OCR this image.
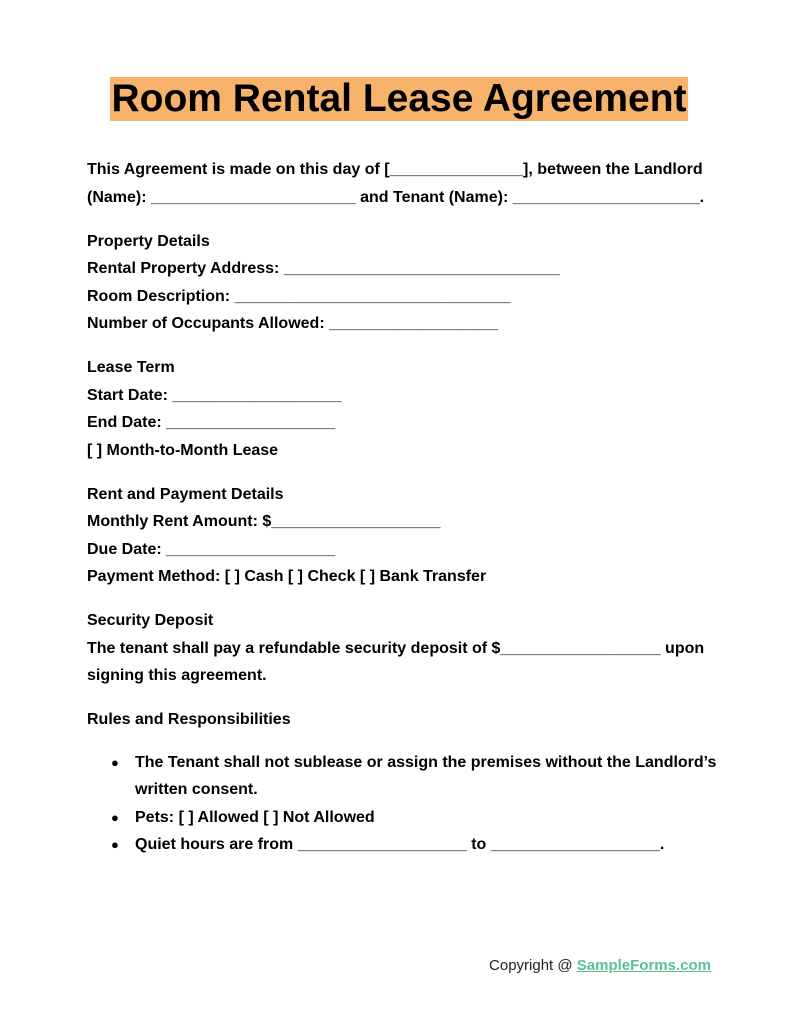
Room Rental Lease Agreement

This Agreement is made on this day of [_______________], between the Landlord (Name): _______________________ and Tenant (Name): _____________________.

Property Details

Rental Property Address: _______________________________

Room Description: _______________________________

Number of Occupants Allowed: ___________________

Lease Term

Start Date: ___________________

End Date: ___________________

[ ] Month-to-Month Lease

Rent and Payment Details

Monthly Rent Amount: $___________________

Due Date: ___________________

Payment Method: [ ] Cash [ ] Check [ ] Bank Transfer

Security Deposit

The tenant shall pay a refundable security deposit of $__________________ upon signing this agreement.

Rules and Responsibilities

● The Tenant shall not sublease or assign the premises without the Landlord’s written consent.
● Pets: [ ] Allowed [ ] Not Allowed
● Quiet hours are from ___________________ to ___________________.
Copyright @ SampleForms.com
